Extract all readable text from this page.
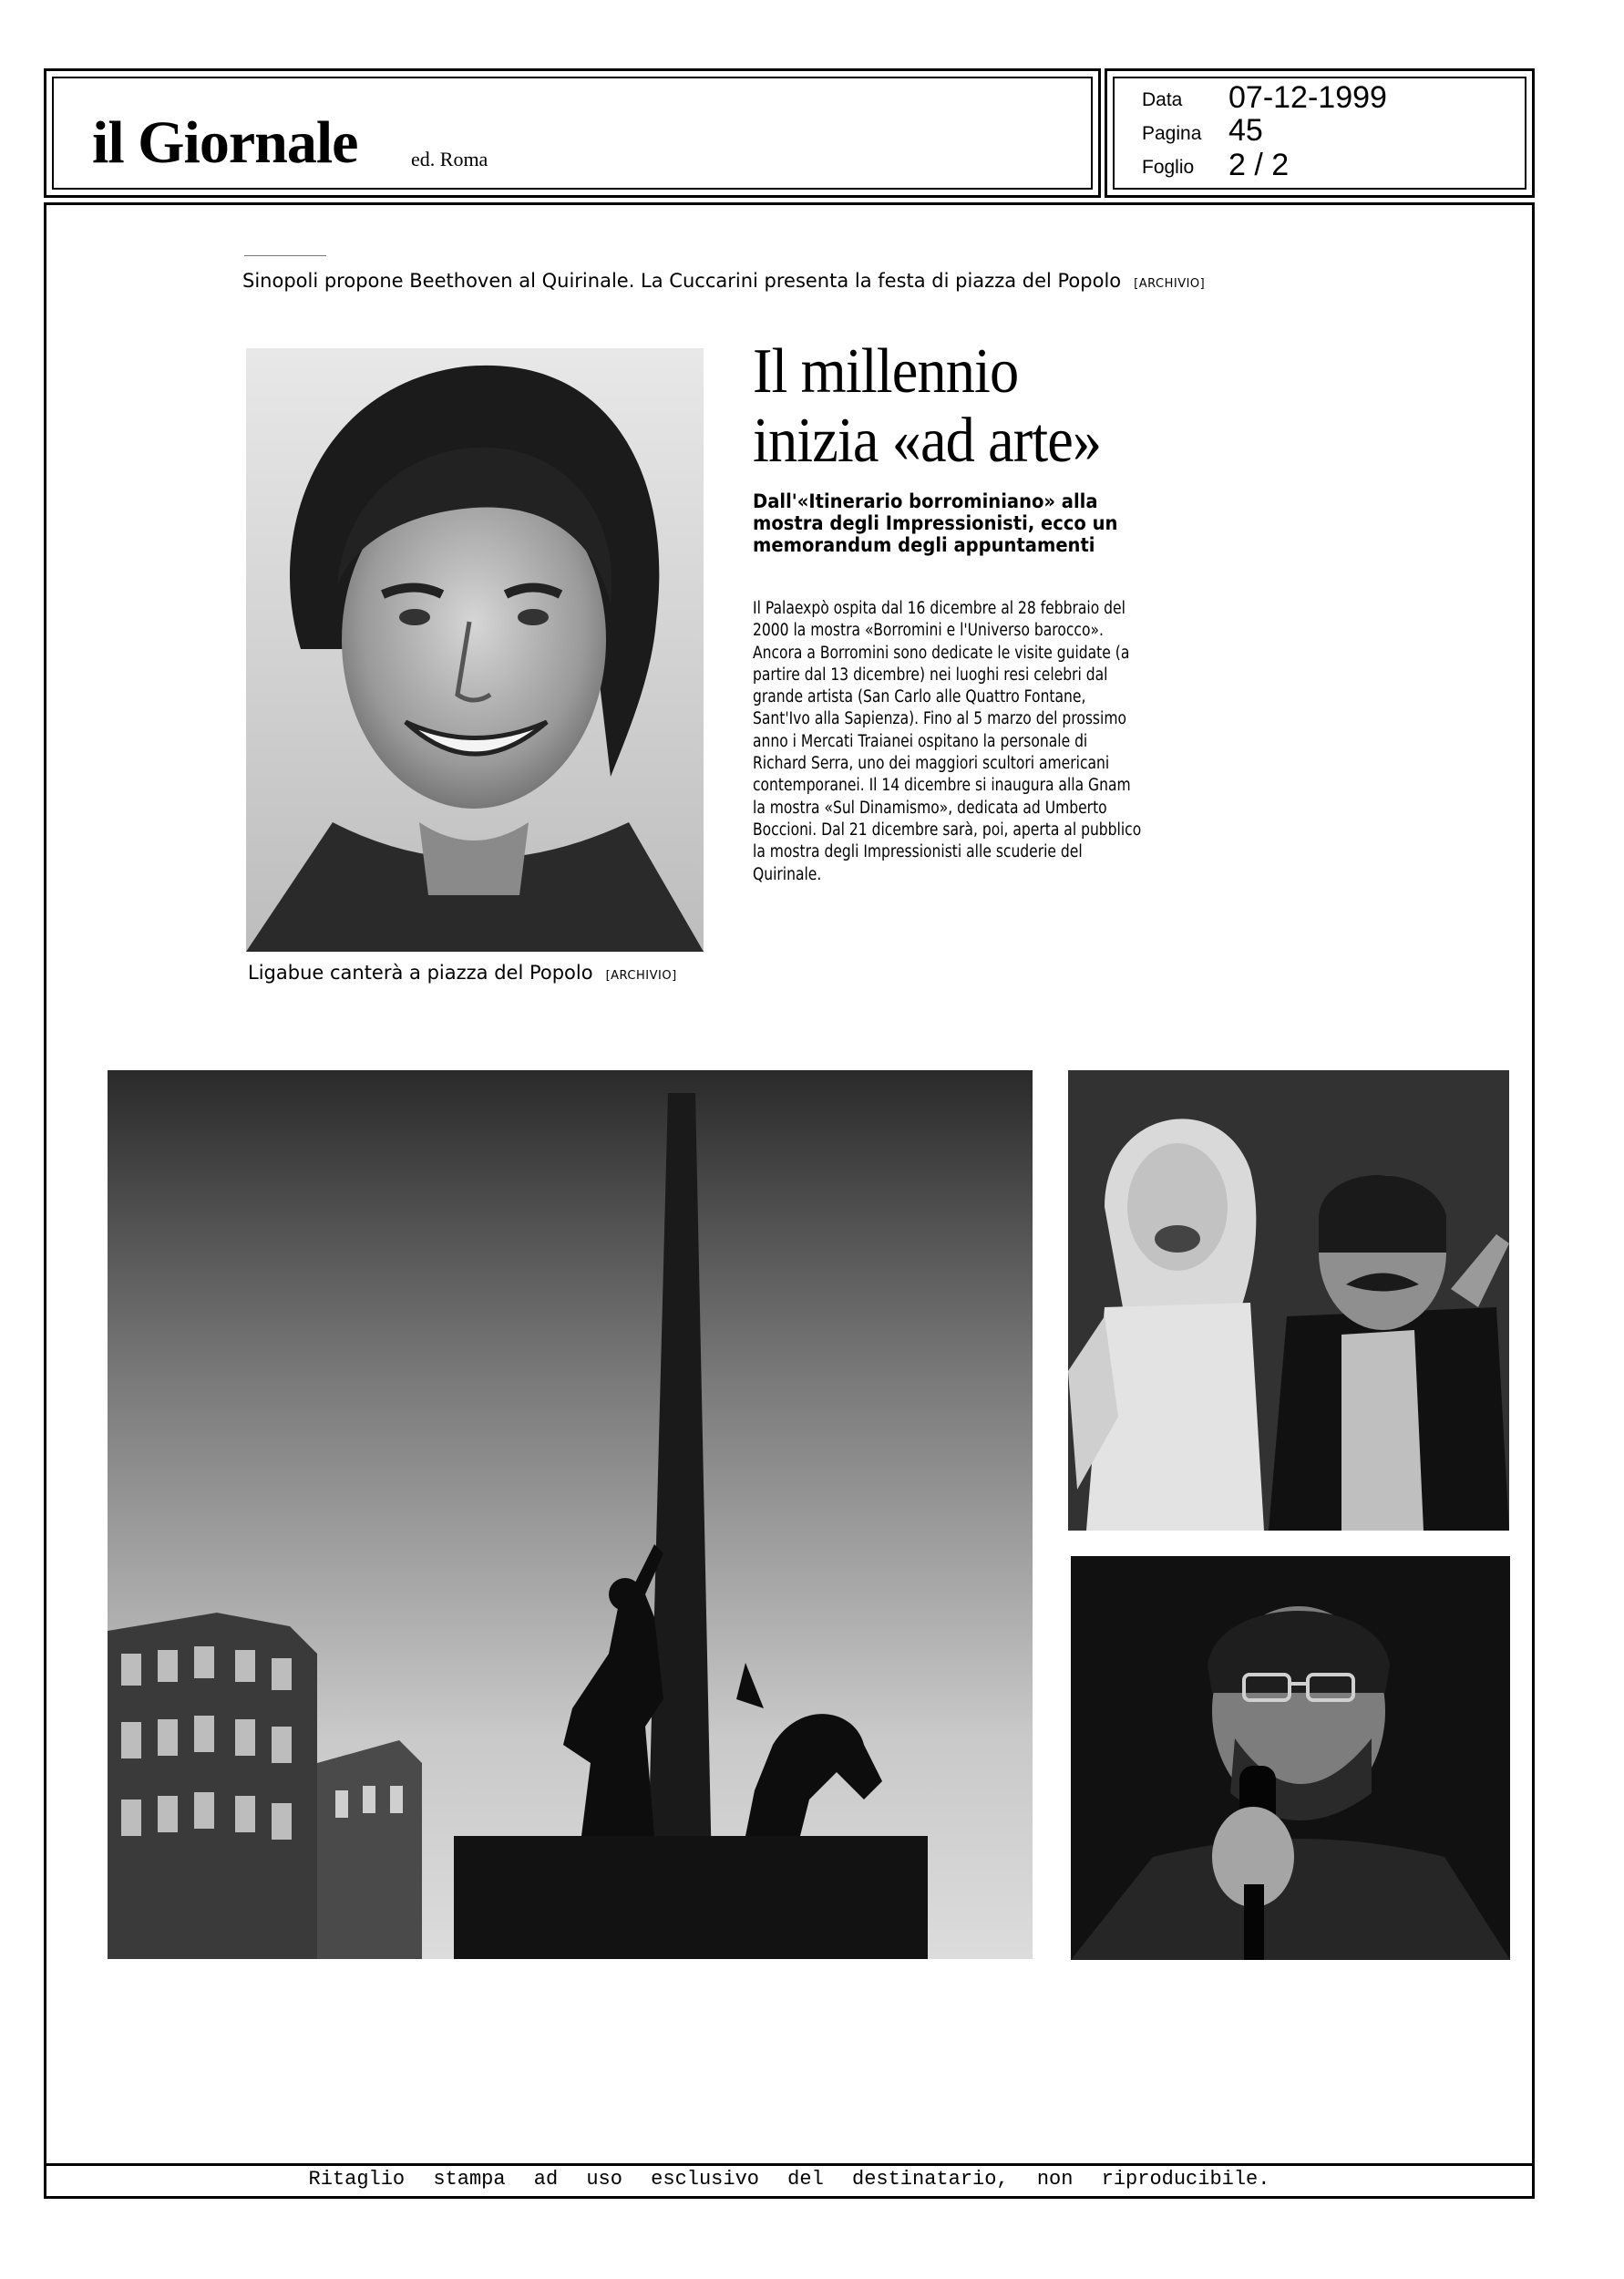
il Giornale	ed. Roma
Data 07-12-1999
Pagina 45
Foglio 2 / 2
Sinopoli propone Beethoven al Quirinale. La Cuccarini presenta la festa di piazza del Popolo [ARCHIVIO]
Ligabue canterà a piazza del Popolo [ARCHIVIO]
Il millennio
inizia «ad arte»
Dall'«Itinerario borrominiano» alla mostra degli Impressionisti, ecco un memorandum degli appuntamenti

Il Palaexpò ospita dal 16 dicembre al 28 febbraio del 2000 la mostra «Borromini e l'Universo barocco». Ancora a Borromini sono dedicate le visite guidate (a partire dal 13 dicembre) nei luoghi resi celebri dal grande artista (San Carlo alle Quattro Fontane, Sant'Ivo alla Sapienza). Fino al 5 marzo del prossimo anno i Mercati Traianei ospitano la personale di Richard Serra, uno dei maggiori scultori americani contemporanei. Il 14 dicembre si inaugura alla Gnam la mostra «Sul Dinamismo», dedicata ad Umberto Boccioni. Dal 21 dicembre sarà, poi, aperta al pubblico la mostra degli Impressionisti alle scuderie del Quirinale.

Ritaglio stampa ad uso esclusivo del destinatario, non riproducibile.
